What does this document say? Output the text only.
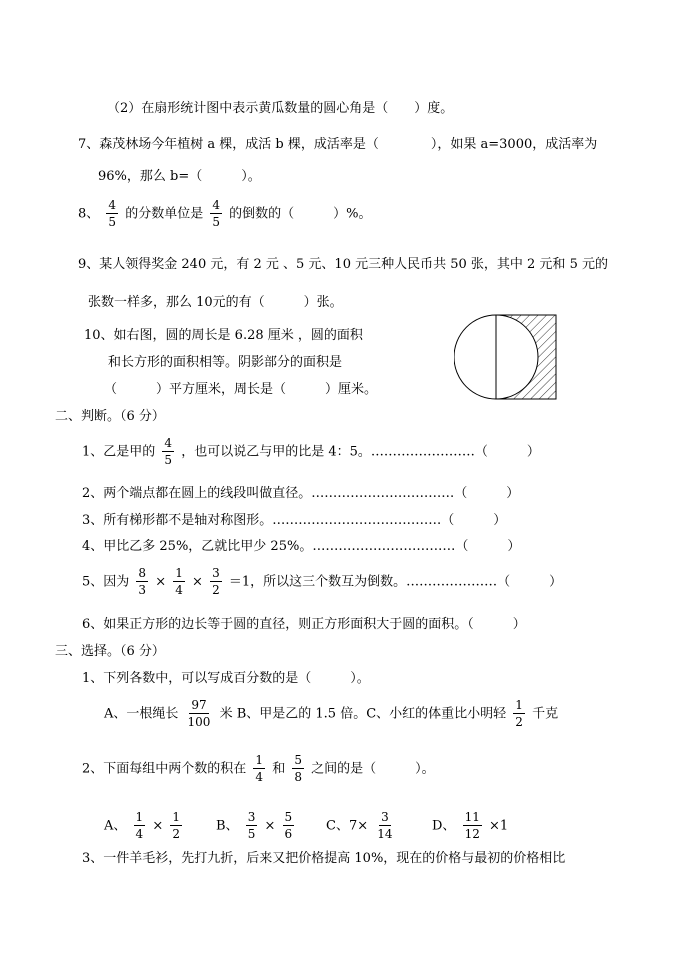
（2）在扇形统计图中表示黄瓜数量的圆心角是（　　）度。
7、森茂林场今年植树 a 棵，成活 b 棵，成活率是（　　　　），如果 a=3000，成活率为
96%，那么 b=（　　　）。
8、 $\frac{4}{5}$ 的分数单位是 $\frac{4}{5}$ 的倒数的（　　　）%。
9、某人领得奖金 240 元，有 2 元 、5 元、10 元三种人民币共 50 张，其中 2 元和 5 元的
张数一样多，那么 10元的有（　　　）张。
10、如右图，圆的周长是 6.28 厘米 ，圆的面积
和长方形的面积相等。阴影部分的面积是
（　　　）平方厘米，周长是（　　　）厘米。
二、判断。（6 分）
1、乙是甲的 $\frac{4}{5}$ ，也可以说乙与甲的比是 4：5。……………………（　　　）
2、两个端点都在圆上的线段叫做直径。……………………………（　　　）
3、所有梯形都不是轴对称图形。…………………………………（　　　）
4、甲比乙多 25%，乙就比甲少 25%。……………………………（　　　）
5、因为 $\frac{8}{3} \times \frac{1}{4} \times \frac{3}{2} =1$，所以这三个数互为倒数。…………………（　　　）
6、如果正方形的边长等于圆的直径，则正方形面积大于圆的面积。（　　　）
三、选择。（6 分）
1、下列各数中，可以写成百分数的是（　　　）。
A、一根绳长 $\frac{97}{100}$ 米 B、甲是乙的 1.5 倍。C、小红的体重比小明轻 $\frac{1}{2}$ 千克
2、下面每组中两个数的积在 $\frac{1}{4}$ 和 $\frac{5}{8}$ 之间的是（　　　）。
A、 $\frac{1}{4} \times \frac{1}{2}$	B、 $\frac{3}{5} \times \frac{5}{6}$ C、$7\times \frac{3}{14}$	D、 $\frac{11}{12} \times 1$
3、一件羊毛衫，先打九折，后来又把价格提高 10%，现在的价格与最初的价格相比
